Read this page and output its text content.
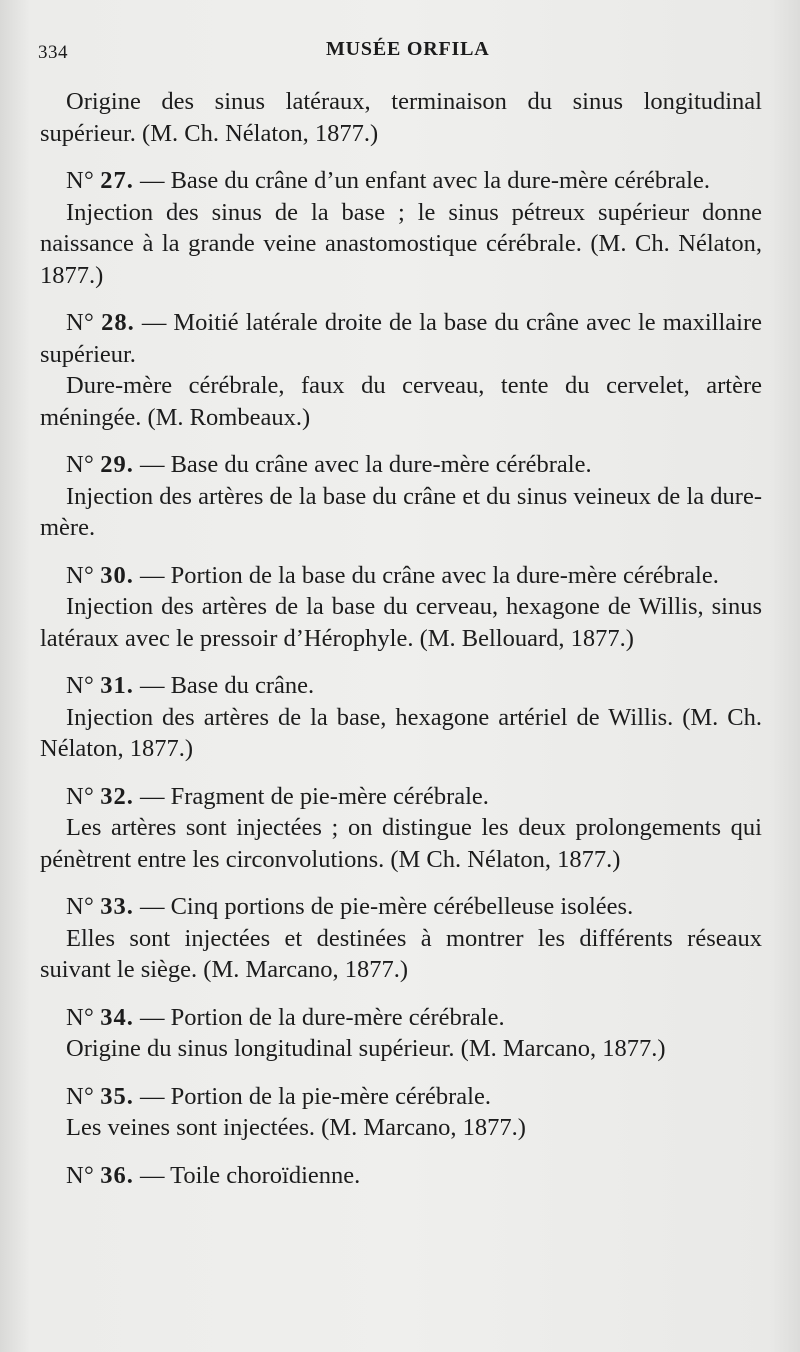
334	MUSÉE ORFILA

Origine des sinus latéraux, terminaison du sinus longitudinal supérieur. (M. Ch. Nélaton, 1877.)

N° 27. — Base du crâne d’un enfant avec la dure-mère cérébrale.

Injection des sinus de la base ; le sinus pétreux supérieur donne naissance à la grande veine anastomostique cérébrale. (M. Ch. Nélaton, 1877.)

N° 28. — Moitié latérale droite de la base du crâne avec le maxillaire supérieur.

Dure-mère cérébrale, faux du cerveau, tente du cervelet, artère méningée. (M. Rombeaux.)

N° 29. — Base du crâne avec la dure-mère cérébrale.

Injection des artères de la base du crâne et du sinus veineux de la dure-mère.

N° 30. — Portion de la base du crâne avec la dure-mère cérébrale.

Injection des artères de la base du cerveau, hexagone de Willis, sinus latéraux avec le pressoir d’Hérophyle. (M. Bellouard, 1877.)

N° 31. — Base du crâne.

Injection des artères de la base, hexagone artériel de Willis. (M. Ch. Nélaton, 1877.)

N° 32. — Fragment de pie-mère cérébrale.

Les artères sont injectées ; on distingue les deux prolongements qui pénètrent entre les circonvolutions. (M Ch. Nélaton, 1877.)

N° 33. — Cinq portions de pie-mère cérébelleuse isolées.

Elles sont injectées et destinées à montrer les différents réseaux suivant le siège. (M. Marcano, 1877.)

N° 34. — Portion de la dure-mère cérébrale.

Origine du sinus longitudinal supérieur. (M. Marcano, 1877.)

N° 35. — Portion de la pie-mère cérébrale.

Les veines sont injectées. (M. Marcano, 1877.)

N° 36. — Toile choroïdienne.
